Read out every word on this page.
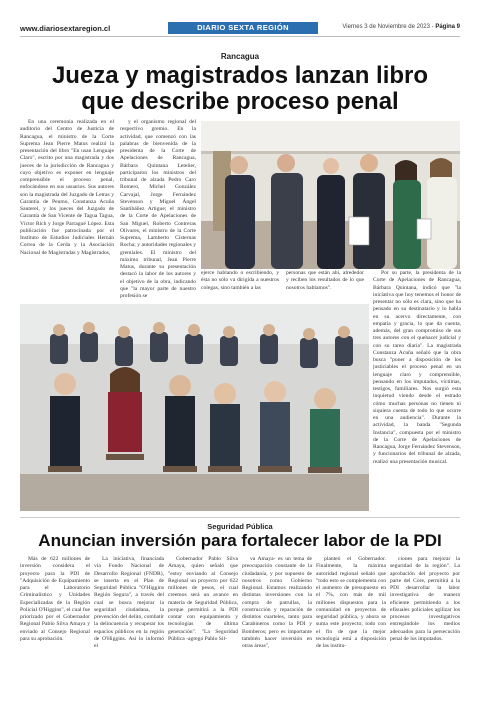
www.diariosextaregion.cl	DIARIO SEXTA REGIÓN	Viernes 3 de Noviembre de 2023 - Página 9
Rancagua
Jueza y magistrados lanzan libro
que describe proceso penal

En una ceremonia realizada en el auditorio del Centro de Justicia de Rancagua, el ministro de la Corte Suprema Jean Pierre Matus realizó la presentación del libro "En usan Lenguaje Claro", escrito por una magistrada y dos jueces de la jurisdicción de Rancagua y cuyo objetivo es exponer en lenguaje comprensible el proceso penal, enfocándose en sus usuarios. Sus autores son la magistrada del Juzgado de Letras y Garantía de Peumo, Constanza Acuña Sauterel, y los jueces del Juzgado de Garantía de San Vicente de Tagua Tagua, Víctor Rich y Jorge Parragué López. Esta publicación fue patrocinada por el Instituto de Estudios Judiciales Hernán Correa de la Cerda y la Asociación Nacional de Magistradas y Magistrados,

y el organismo regional del respectivo gremio. En la actividad, que comenzó con las palabras de bienvenida de la presidenta de la Corte de Apelaciones de Rancagua, Bárbara Quintana Letelier, participaron los ministros del tribunal de alzada Pedro Caro Romero, Michel González Carvajal, Jorge Fernández Stevenson y Miguel Ángel Santibáñez Artigue; el ministro de la Corte de Apelaciones de San Miguel, Roberto Contreras Olivares, el ministro de la Corte Suprema, Lamberto Cisternas Rocha; y autoridades regionales y gremiales. El ministro del máximo tribunal, Jean Pierre Matus, durante su presentación destacó la labor de los autores y el objetivo de la obra, indicando que "la mayor parte de nuestro profesión se

ejerce hablando o escribiendo, y ésta no sólo va dirigida a nuestros colegas, sino también a las

personas que están ahí, alrededor y reciben los resultados de lo que nosotros hablamos".

Por su parte, la presidenta de la Corte de Apelaciones de Rancagua, Bárbara Quintana, indicó que "la iniciativa que hoy tenemos el honor de presentar no sólo es clara, sino que ha pensado en su destinatario y lo habla en su acervo directamente, con empatía y gracia, lo que da cuenta, además, del gran compromiso de sus tres autores con el quehacer judicial y con su tarea diaria". La magistrada Constanza Acuña señaló que la obra busca "poner a disposición de los justiciables el proceso penal en un lenguaje claro y comprensible, pensando en los imputados, víctimas, testigos, familiares. Nos surgió esta inquietud viendo desde el estrado cómo muchas personas no tienen ni siquiera cuenta de todo lo que ocurre en una audiencia". Durante la actividad, la banda "Segunda Instancia", compuesta por el ministro de la Corte de Apelaciones de Rancagua, Jorge Fernández Stevenson, y funcionarios del tribunal de alzada, realizó una presentación musical.

Seguridad Pública
Anuncian inversión para fortalecer labor de la PDI

Más de 622 millones de inversión considera el proyecto para la PDI de "Adquisición de Equipamiento para el Laboratorio Criminalístico y Unidades Especializadas de la Región Policial O'Higgins", el cual fue priorizado por el Gobernador Regional Pablo Silva Amaya y enviado al Consejo Regional para su aprobación.

La iniciativa, financiada vía Fondo Nacional de Desarrollo Regional (FNDR), se inserta en el Plan de Seguridad Pública "O'Higgins Región Segura", a través del cual se busca mejorar la seguridad ciudadana, la prevención del delito, combatir la delincuencia y recuperar los espacios públicos en la región de O'Higgins. Así lo informó el

Gobernador Pablo Silva Amaya, quien señaló que "estoy enviando al Consejo Regional un proyecto por 622 millones de pesos, el cual creemos será un avance en materia de Seguridad Pública, porque permitirá a la PDI contar con equipamiento y tecnologías de última generación". "La Seguridad Pública -agregó Pablo Sil-

va Amaya- es un tema de preocupación constante de la ciudadanía, y por supuesto de nosotros como Gobierno Regional. Estamos realizando distintas inversiones con la compra de patrullas, la construcción y reparación de distintos cuarteles, tanto para Carabineros como la PDI y Bomberos; pero es importante también hacer inversión en otras áreas",

planteó el Gobernador. Finalmente, la máxima autoridad regional señaló que "todo esto se complementa con el aumento de presupuesto en el 7%, con más de mil millones dispuestos para la comunidad en proyectos de seguridad pública, y ahora se suma este proyecto; todo con el fin de que la mejor tecnología está a disposición de las institu-

ciones para mejorar la seguridad de la región". La aprobación del proyecto por parte del Core, permitirá a la PDI desarrollar la labor investigativa de manera eficiente permitiendo a los efísuales policiales agilizar los procesos investigativos entregándole los medios adecuados para la persecución penal de los imputados.
